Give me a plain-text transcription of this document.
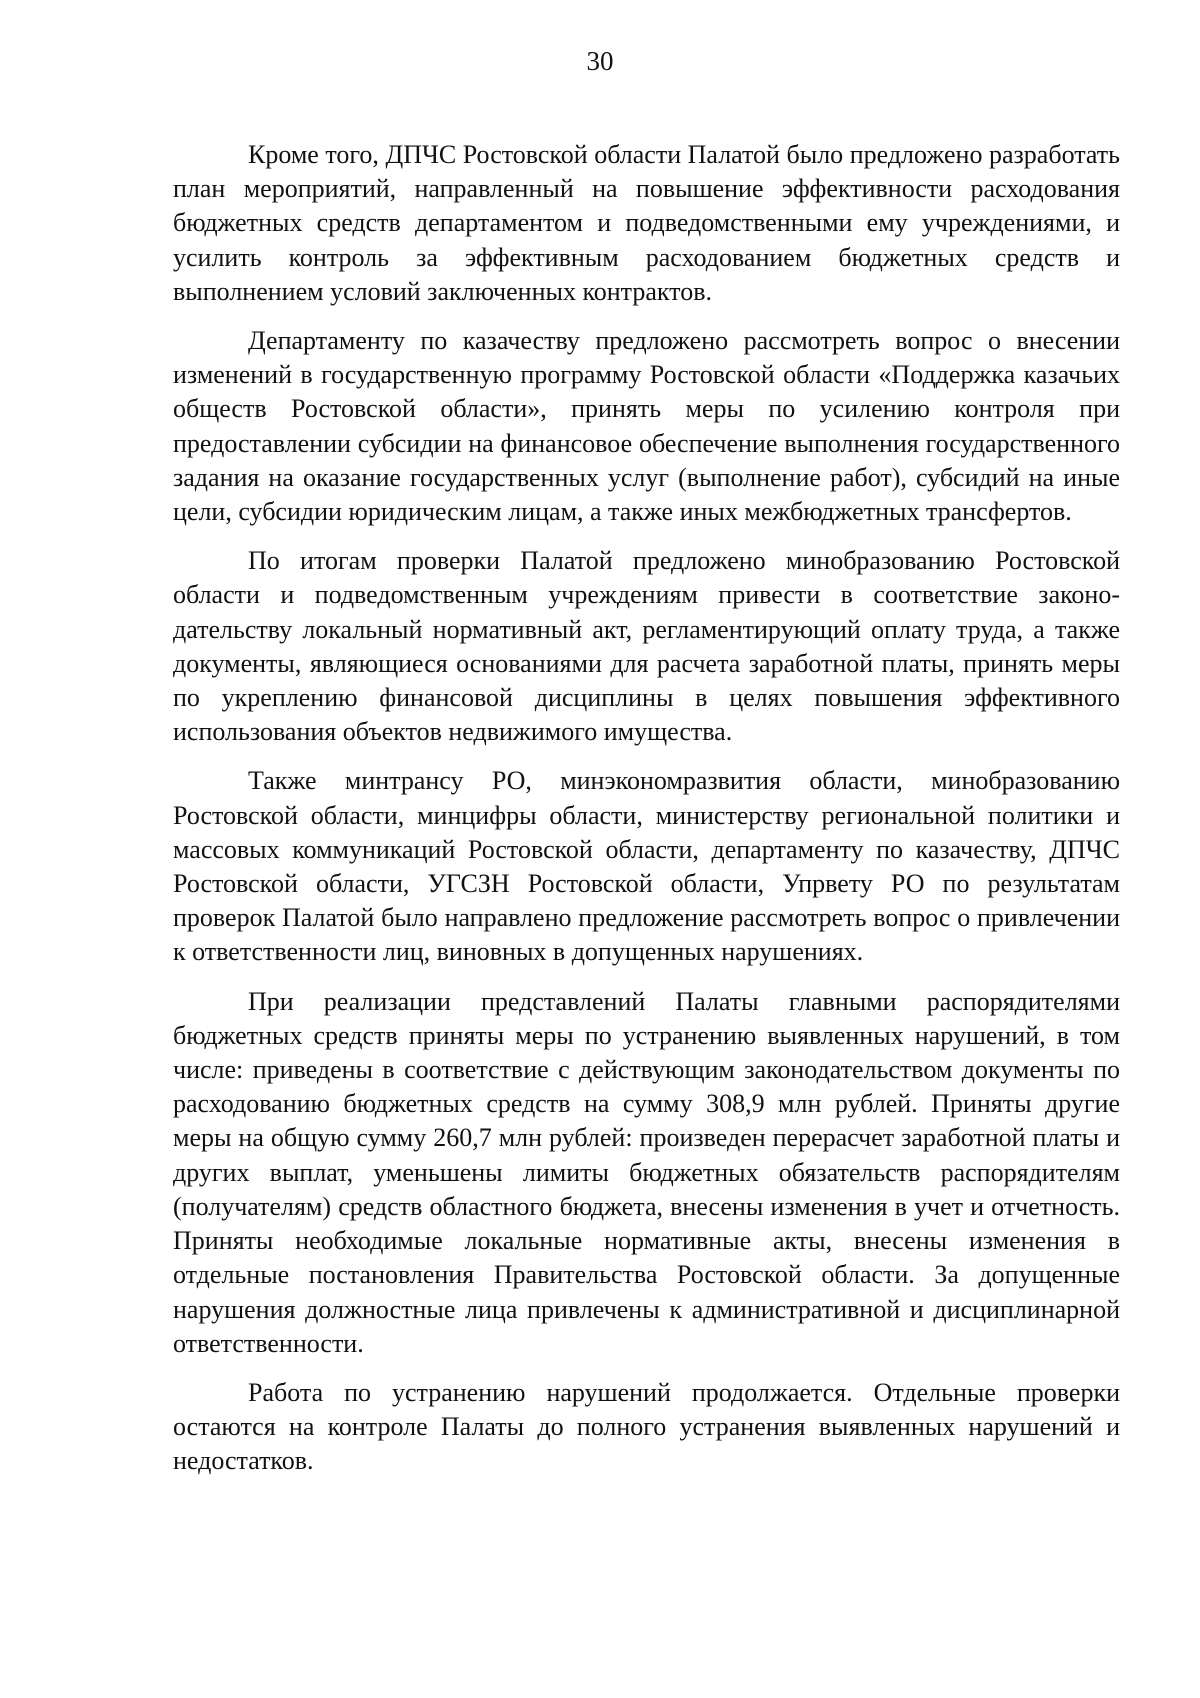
30

Кроме того, ДПЧС Ростовской области Палатой было предложено разработать план мероприятий, направленный на повышение эффективности расходования бюджетных средств департаментом и подведомственными ему учреждениями, и усилить контроль за эффективным расходованием бюджетных средств и выполнением условий заключенных контрактов.

Департаменту по казачеству предложено рассмотреть вопрос о внесении изменений в государственную программу Ростовской области «Поддержка казачьих обществ Ростовской области», принять меры по усилению контроля при предоставлении субсидии на финансовое обеспечение выполнения государственного задания на оказание государственных услуг (выполнение работ), субсидий на иные цели, субсидии юридическим лицам, а также иных межбюджетных трансфертов.

По итогам проверки Палатой предложено минобразованию Ростовской области и подведомственным учреждениям привести в соответствие законодательству локальный нормативный акт, регламентирующий оплату труда, а также документы, являющиеся основаниями для расчета заработной платы, принять меры по укреплению финансовой дисциплины в целях повышения эффективного использования объектов недвижимого имущества.

Также минтрансу РО, минэкономразвития области, минобразованию Ростовской области, минцифры области, министерству региональной политики и массовых коммуникаций Ростовской области, департаменту по казачеству, ДПЧС Ростовской области, УГСЗН Ростовской области, Упрвету РО по результатам проверок Палатой было направлено предложение рассмотреть вопрос о привлечении к ответственности лиц, виновных в допущенных нарушениях.

При реализации представлений Палаты главными распорядителями бюджетных средств приняты меры по устранению выявленных нарушений, в том числе: приведены в соответствие с действующим законодательством документы по расходованию бюджетных средств на сумму 308,9 млн рублей. Приняты другие меры на общую сумму 260,7 млн рублей: произведен перерасчет заработной платы и других выплат, уменьшены лимиты бюджетных обязательств распорядителям (получателям) средств областного бюджета, внесены изменения в учет и отчетность. Приняты необходимые локальные нормативные акты, внесены изменения в отдельные постановления Правительства Ростовской области. За допущенные нарушения должностные лица привлечены к административной и дисциплинарной ответственности.

Работа по устранению нарушений продолжается. Отдельные проверки остаются на контроле Палаты до полного устранения выявленных нарушений и недостатков.
